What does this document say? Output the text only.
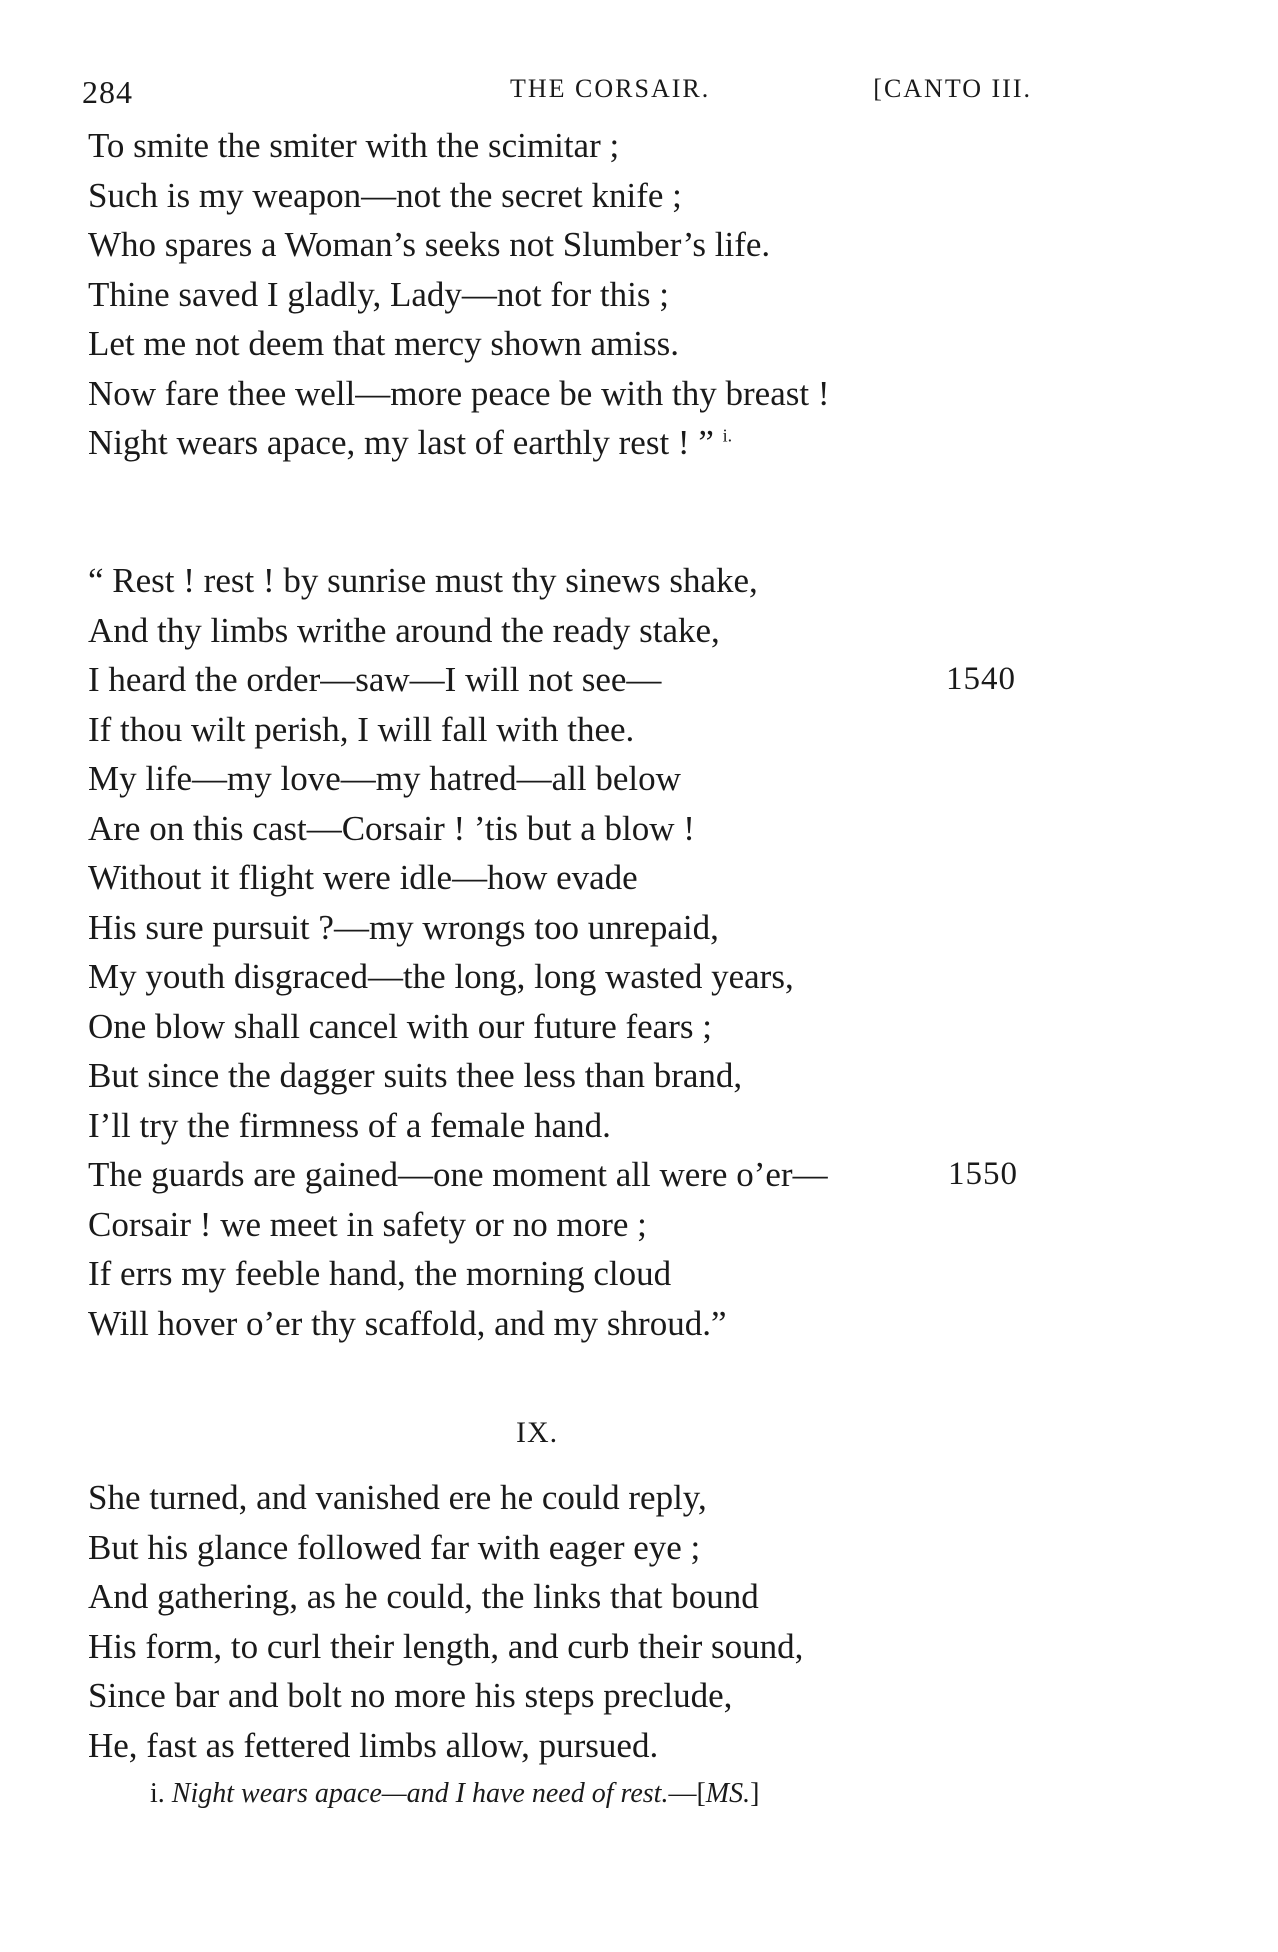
284	THE CORSAIR.	[CANTO III.
To smite the smiter with the scimitar ;
Such is my weapon—not the secret knife ;
Who spares a Woman’s seeks not Slumber’s life.
Thine saved I gladly, Lady—not for this ;
Let me not deem that mercy shown amiss.
Now fare thee well—more peace be with thy breast !
Night wears apace, my last of earthly rest ! ” $^{i.}$
“ Rest ! rest ! by sunrise must thy sinews shake,
And thy limbs writhe around the ready stake,
I heard the order—saw—I will not see—	1540
If thou wilt perish, I will fall with thee.
My life—my love—my hatred—all below
Are on this cast—Corsair ! ’tis but a blow !
Without it flight were idle—how evade
His sure pursuit ?—my wrongs too unrepaid,
My youth disgraced—the long, long wasted years,
One blow shall cancel with our future fears ;
But since the dagger suits thee less than brand,
I’ll try the firmness of a female hand.
The guards are gained—one moment all were o’er—	1550
Corsair ! we meet in safety or no more ;
If errs my feeble hand, the morning cloud
Will hover o’er thy scaffold, and my shroud.”
IX.
She turned, and vanished ere he could reply,
But his glance followed far with eager eye ;
And gathering, as he could, the links that bound
His form, to curl their length, and curb their sound,
Since bar and bolt no more his steps preclude,
He, fast as fettered limbs allow, pursued.
i. Night wears apace—and I have need of rest.—[MS.]
